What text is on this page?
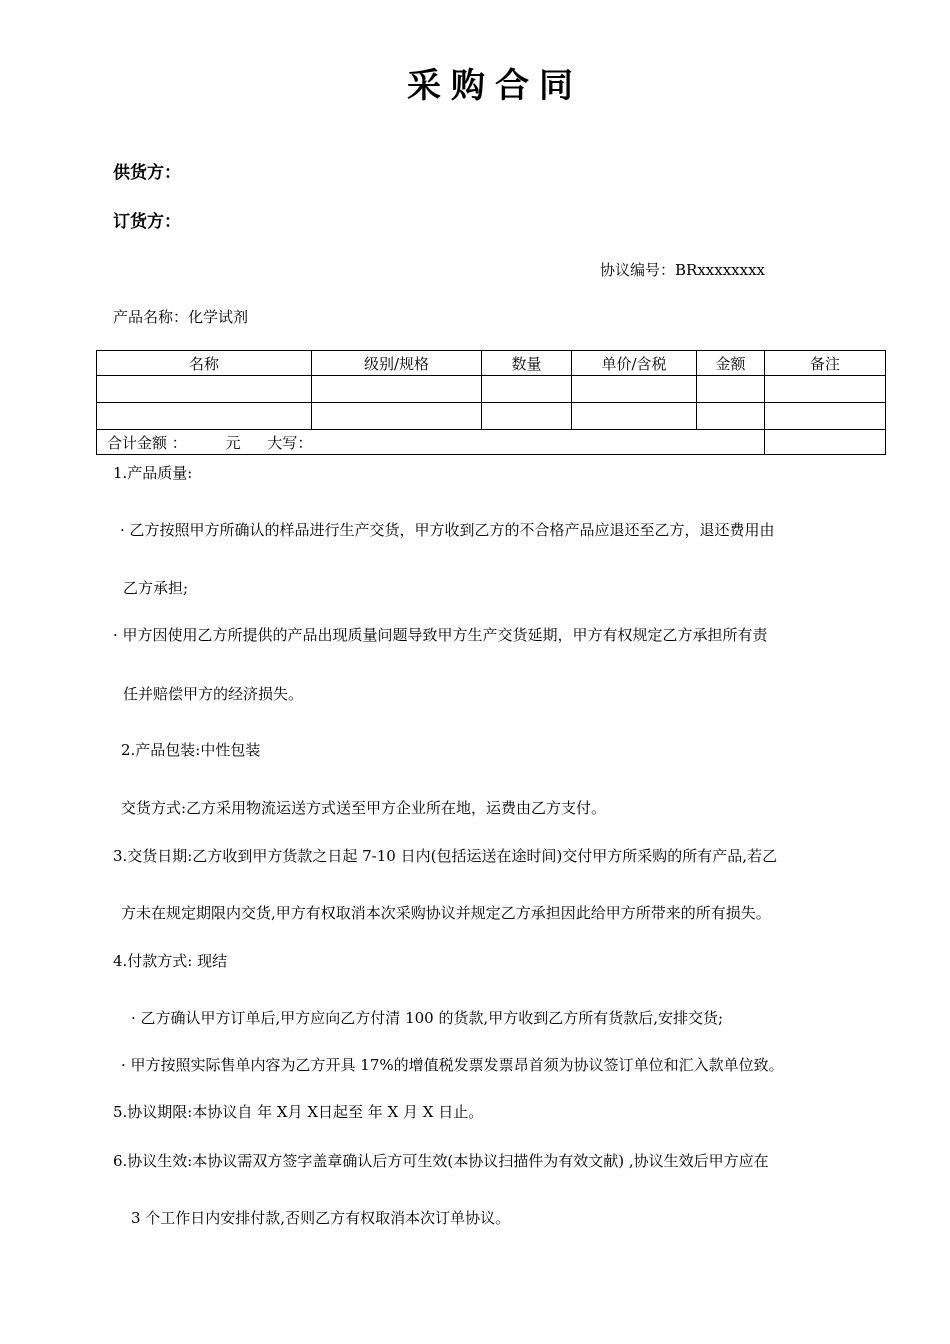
采购合同
供货方：
订货方：
协议编号：BRxxxxxxxx
产品名称：化学试剂
名称	级别/规格	数量	单价/含税	金额	备注

合计金额 ： 元 大写：					
1.产品质量:
· 乙方按照甲方所确认的样品进行生产交货，甲方收到乙方的不合格产品应退还至乙方，退还费用由
乙方承担;
· 甲方因使用乙方所提供的产品出现质量问题导致甲方生产交货延期，甲方有权规定乙方承担所有责
任并赔偿甲方的经济损失。
2.产品包装:中性包装
交货方式:乙方采用物流运送方式送至甲方企业所在地，运费由乙方支付。
3.交货日期:乙方收到甲方货款之日起 7-10 日内(包括运送在途时间)交付甲方所采购的所有产品,若乙
方未在规定期限内交货,甲方有权取消本次采购协议并规定乙方承担因此给甲方所带来的所有损失。
4.付款方式: 现结
· 乙方确认甲方订单后,甲方应向乙方付清 100 的货款,甲方收到乙方所有货款后,安排交货;
· 甲方按照实际售单内容为乙方开具 17%的增值税发票发票昂首须为协议签订单位和汇入款单位致。
5.协议期限:本协议自 年 X月 X日起至 年 X 月 X 日止。
6.协议生效:本协议需双方签字盖章确认后方可生效(本协议扫描件为有效文献) ,协议生效后甲方应在
3 个工作日内安排付款,否则乙方有权取消本次订单协议。
